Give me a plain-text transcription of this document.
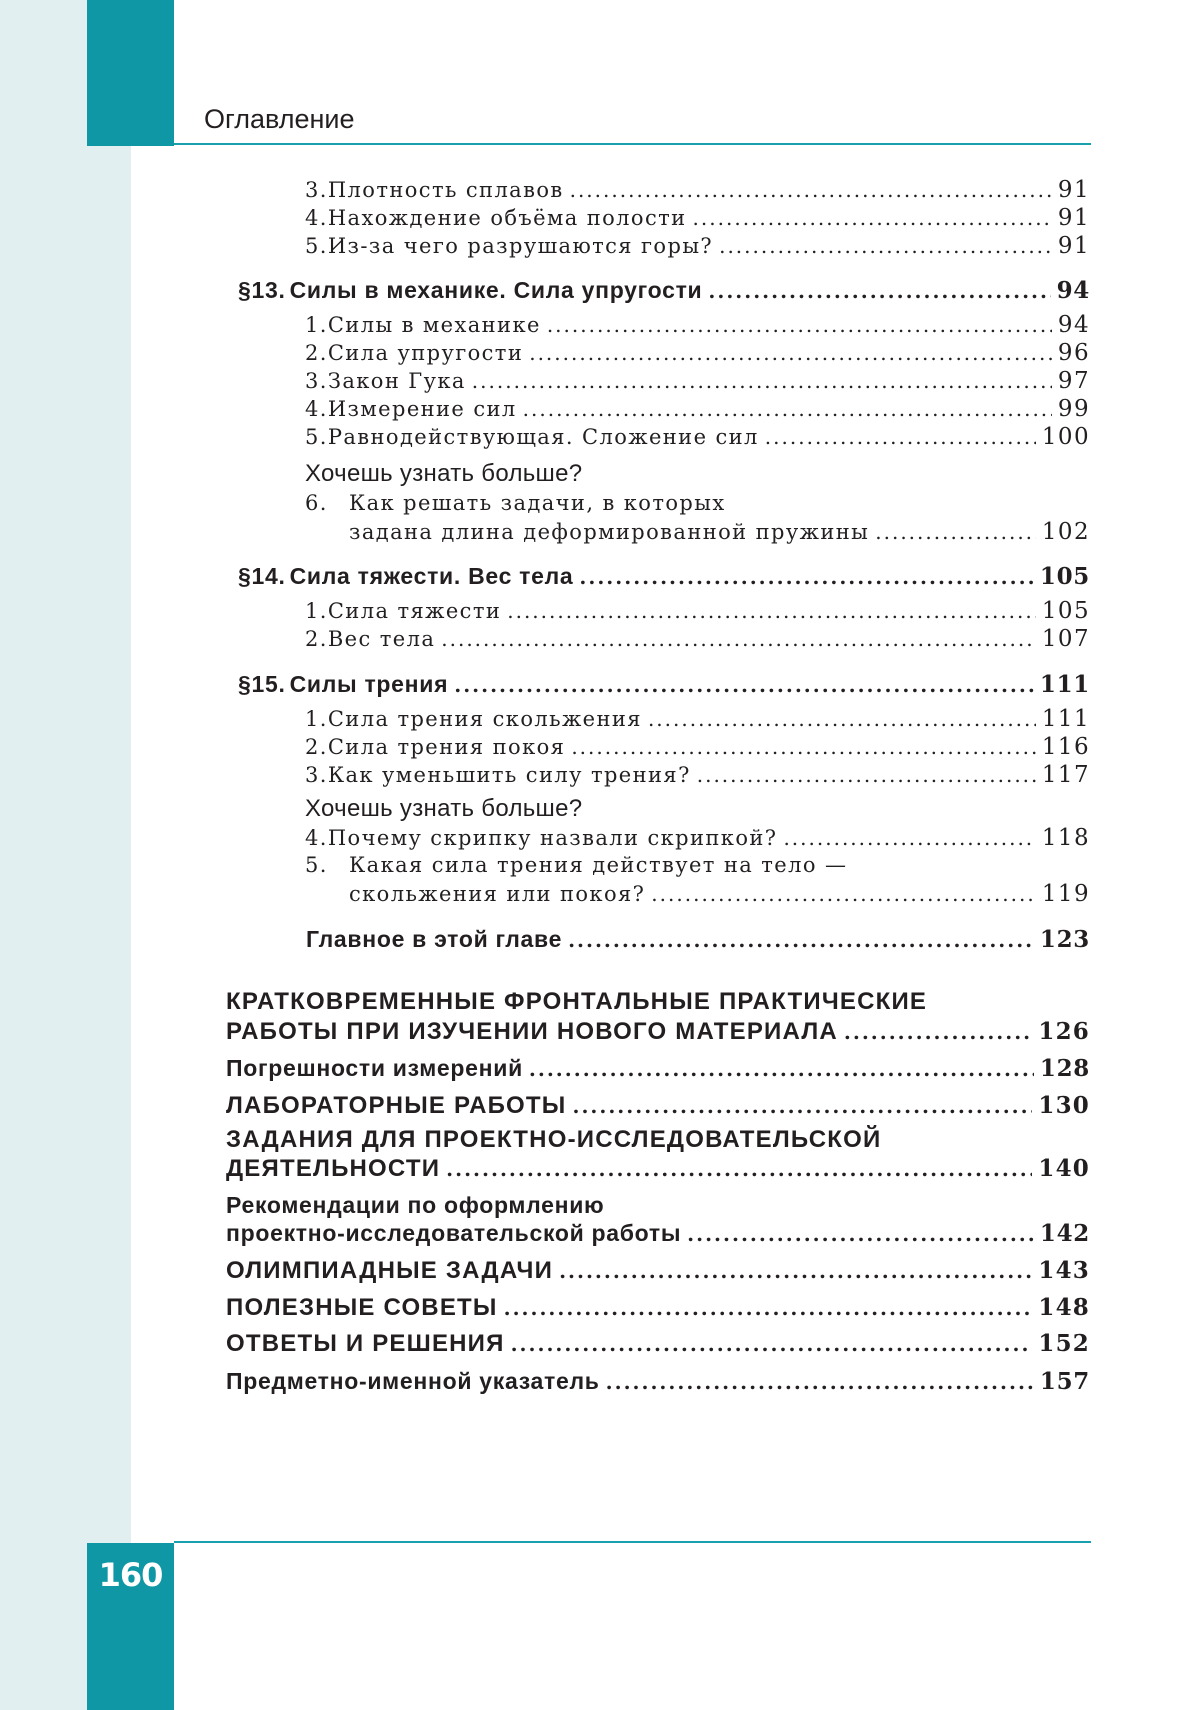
Оглавление
160
3. Плотность сплавов .....	91
4. Нахождение объёма полости .....	91
5. Из-за чего разрушаются горы? .....	91
§13. Силы в механике. Сила упругости .....	94
1. Силы в механике .....	94
2. Сила упругости .....	96
3. Закон Гука .....	97
4. Измерение сил .....	99
5. Равнодействующая. Сложение сил .....	100
Хочешь узнать больше?
6.	Как решать задачи, в которых
задана длина деформированной пружины .....	102
§14. Сила тяжести. Вес тела .....	105
1. Сила тяжести .....	105
2. Вес тела .....	107
§15. Силы трения .....	111
1. Сила трения скольжения .....	111
2. Сила трения покоя .....	116
3. Как уменьшить силу трения? .....	117
Хочешь узнать больше?
4. Почему скрипку назвали скрипкой? .....	118
5.	Какая сила трения действует на тело —
скольжения или покоя? .....	119
Главное в этой главе .....	123
КРАТКОВРЕМЕННЫЕ ФРОНТАЛЬНЫЕ ПРАКТИЧЕСКИЕ
РАБОТЫ ПРИ ИЗУЧЕНИИ НОВОГО МАТЕРИАЛА .....	126
Погрешности измерений .....	128
ЛАБОРАТОРНЫЕ РАБОТЫ .....	130
ЗАДАНИЯ ДЛЯ ПРОЕКТНО-ИССЛЕДОВАТЕЛЬСКОЙ
ДЕЯТЕЛЬНОСТИ .....	140
Рекомендации по оформлению
проектно-исследовательской работы .....	142
ОЛИМПИАДНЫЕ ЗАДАЧИ .....	143
ПОЛЕЗНЫЕ СОВЕТЫ .....	148
ОТВЕТЫ И РЕШЕНИЯ .....	152
Предметно-именной указатель .....	157
